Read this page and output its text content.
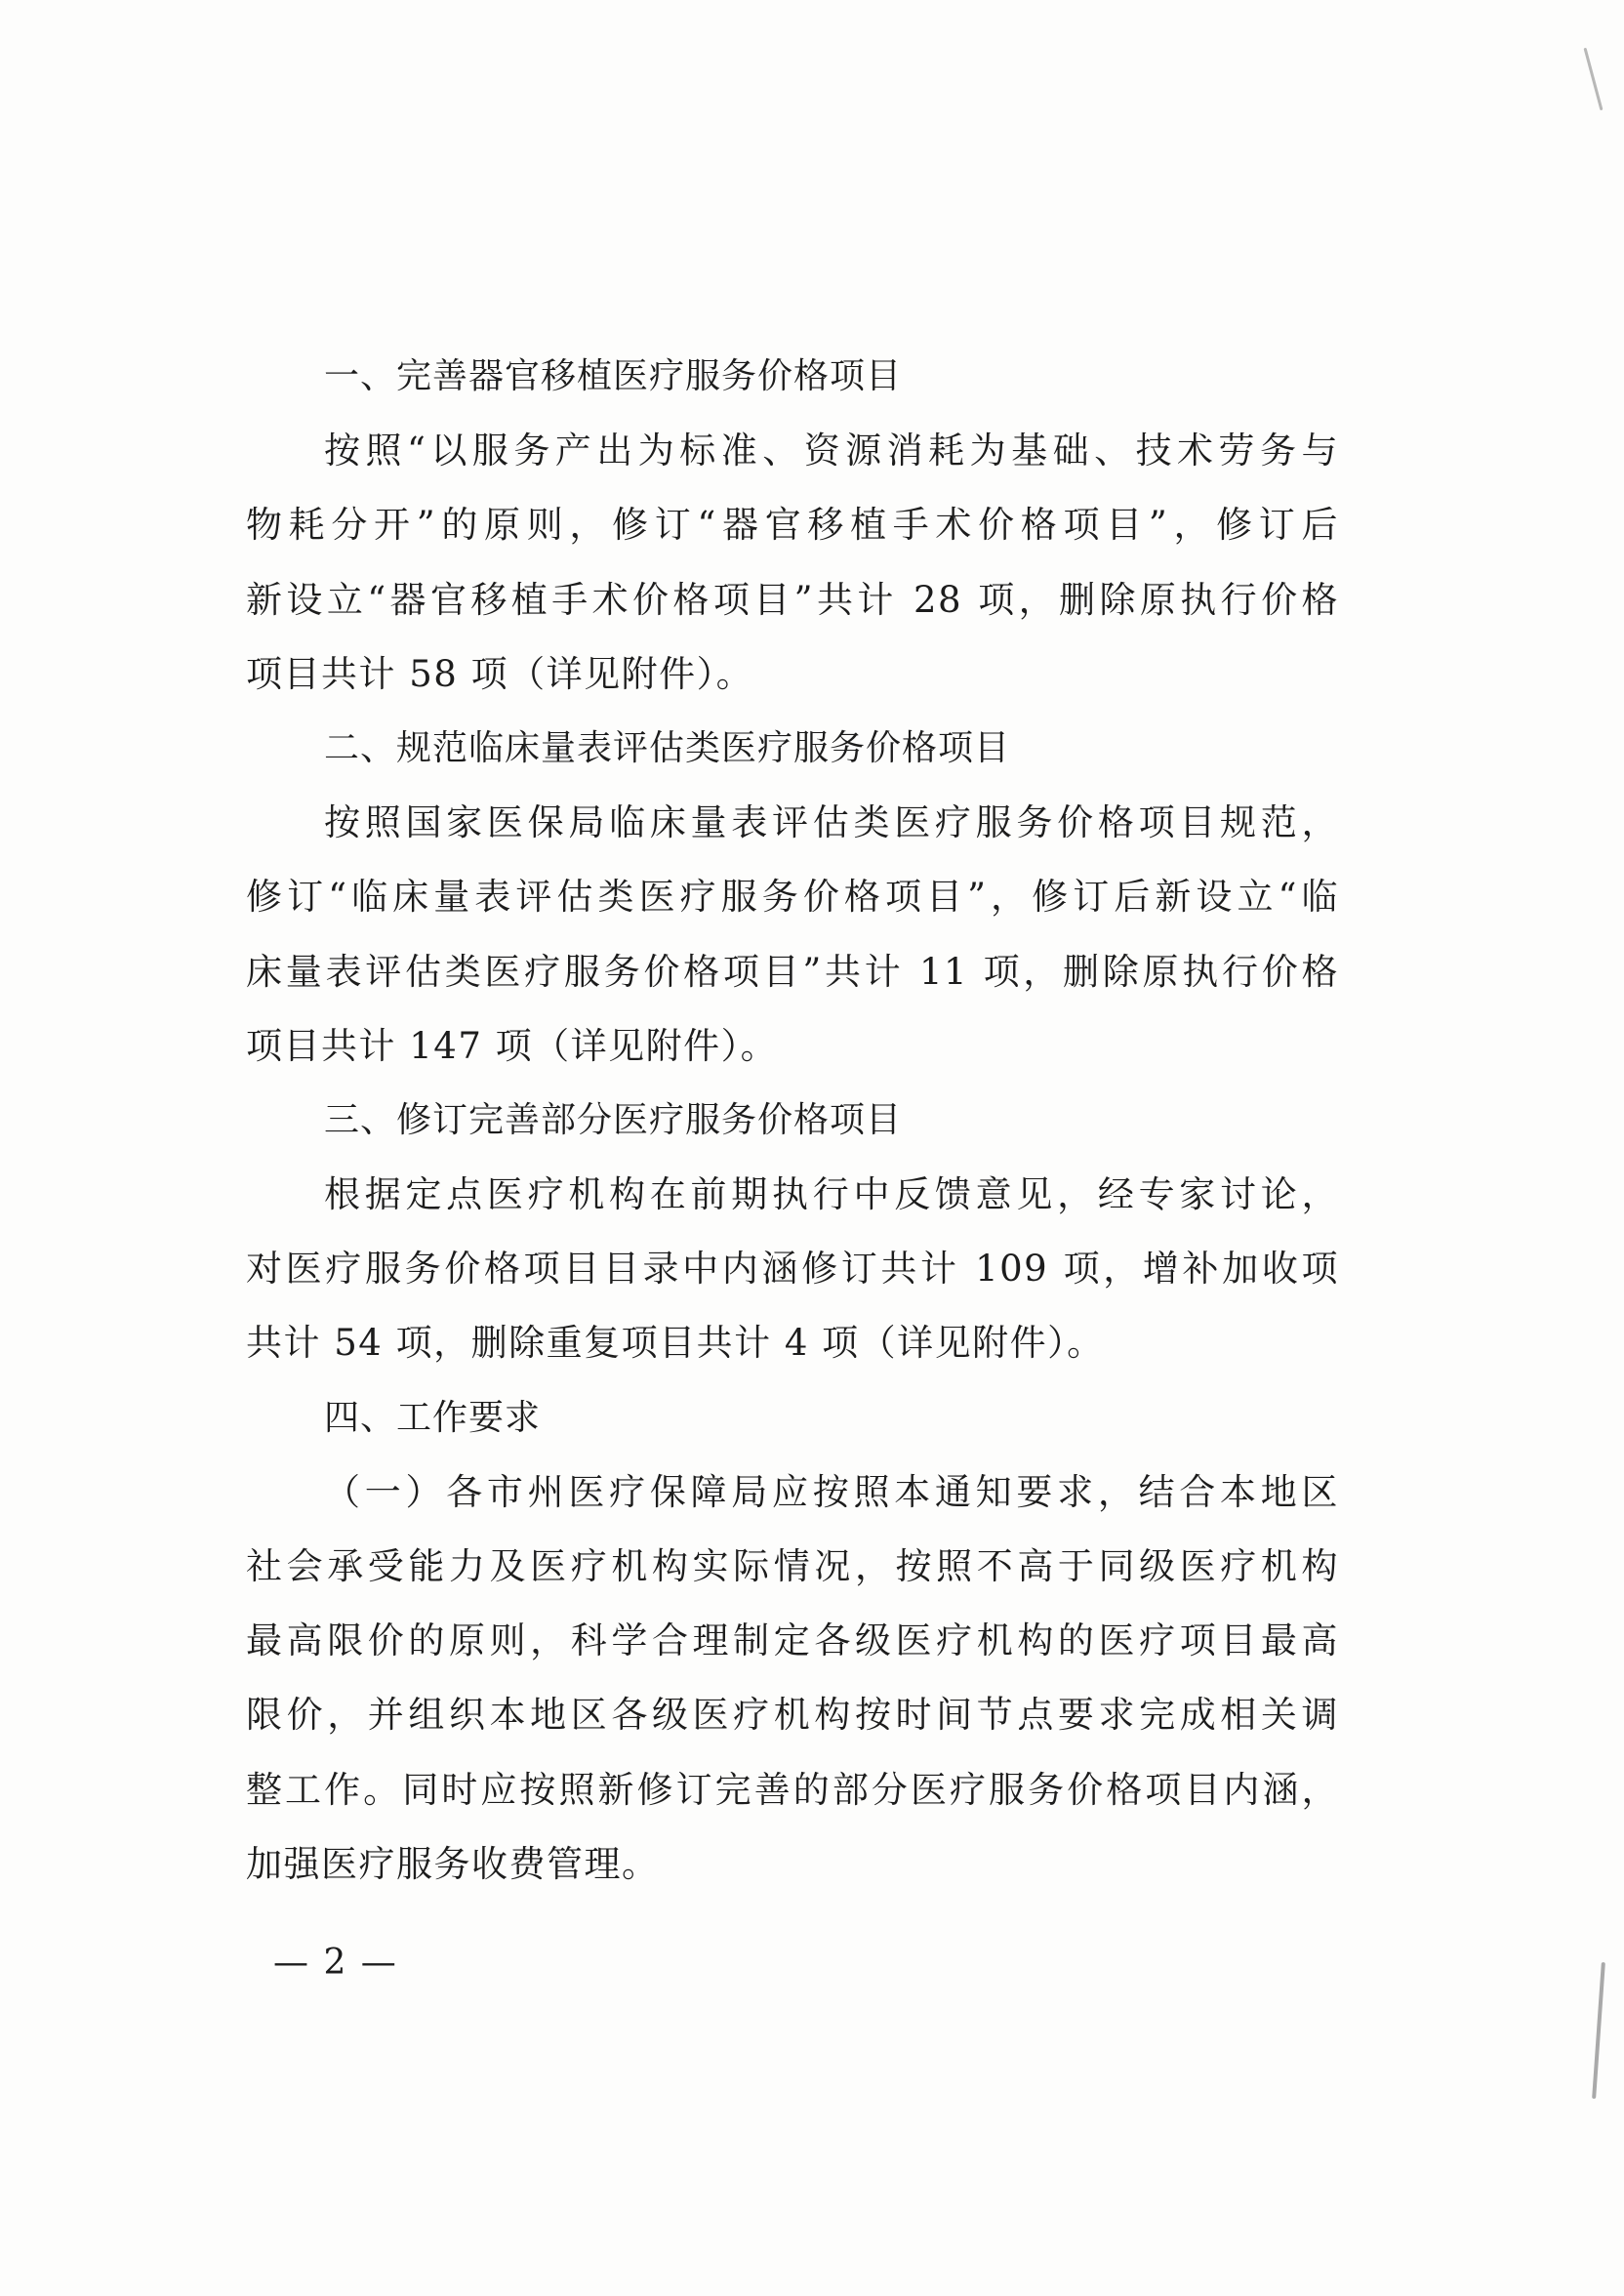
一、完善器官移植医疗服务价格项目

按照“以服务产出为标准、资源消耗为基础、技术劳务与

物耗分开”的原则，修订“器官移植手术价格项目”，修订后

新设立“器官移植手术价格项目”共计 28 项，删除原执行价格

项目共计 58 项（详见附件）。

二、规范临床量表评估类医疗服务价格项目

按照国家医保局临床量表评估类医疗服务价格项目规范，

修订“临床量表评估类医疗服务价格项目”，修订后新设立“临

床量表评估类医疗服务价格项目”共计 11 项，删除原执行价格

项目共计 147 项（详见附件）。

三、修订完善部分医疗服务价格项目

根据定点医疗机构在前期执行中反馈意见，经专家讨论，

对医疗服务价格项目目录中内涵修订共计 109 项，增补加收项

共计 54 项，删除重复项目共计 4 项（详见附件）。

四、工作要求

（一）各市州医疗保障局应按照本通知要求，结合本地区

社会承受能力及医疗机构实际情况，按照不高于同级医疗机构

最高限价的原则，科学合理制定各级医疗机构的医疗项目最高

限价，并组织本地区各级医疗机构按时间节点要求完成相关调

整工作。同时应按照新修订完善的部分医疗服务价格项目内涵，

加强医疗服务收费管理。

— 2 —
